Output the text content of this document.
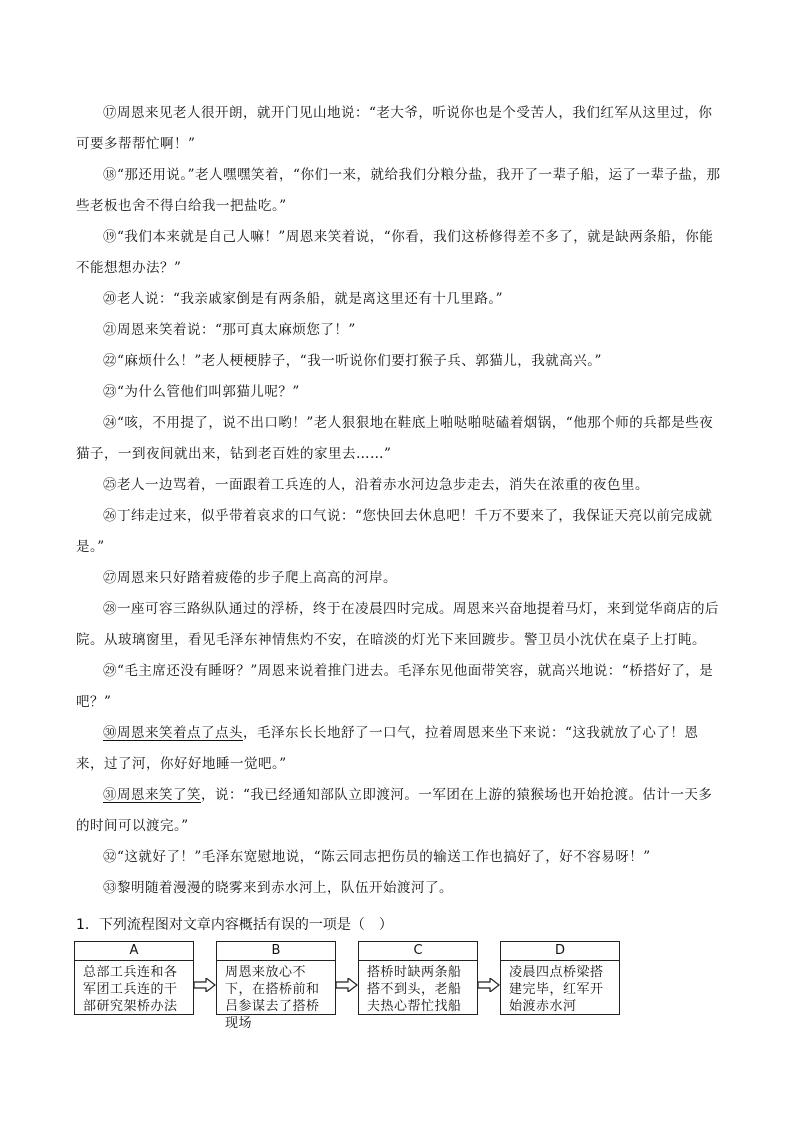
⑰周恩来见老人很开朗，就开门见山地说：“老大爷，听说你也是个受苦人，我们红军从这里过，你可要多帮帮忙啊！”

⑱“那还用说。”老人嘿嘿笑着，“你们一来，就给我们分粮分盐，我开了一辈子船，运了一辈子盐，那些老板也舍不得白给我一把盐吃。”

⑲“我们本来就是自己人嘛！”周恩来笑着说，“你看，我们这桥修得差不多了，就是缺两条船，你能不能想想办法？”

⑳老人说：“我亲戚家倒是有两条船，就是离这里还有十几里路。”

㉑周恩来笑着说：“那可真太麻烦您了！”

㉒“麻烦什么！”老人梗梗脖子，“我一听说你们要打猴子兵、郭猫儿，我就高兴。”

㉓“为什么管他们叫郭猫儿呢？”

㉔“咳，不用提了，说不出口哟！”老人狠狠地在鞋底上啪哒啪哒磕着烟锅，“他那个师的兵都是些夜猫子，一到夜间就出来，钻到老百姓的家里去……”

㉕老人一边骂着，一面跟着工兵连的人，沿着赤水河边急步走去，消失在浓重的夜色里。

㉖丁纬走过来，似乎带着哀求的口气说：“您快回去休息吧！千万不要来了，我保证天亮以前完成就是。”

㉗周恩来只好踏着疲倦的步子爬上高高的河岸。

㉘一座可容三路纵队通过的浮桥，终于在凌晨四时完成。周恩来兴奋地提着马灯，来到觉华商店的后院。从玻璃窗里，看见毛泽东神情焦灼不安，在暗淡的灯光下来回踱步。警卫员小沈伏在桌子上打盹。

㉙“毛主席还没有睡呀？”周恩来说着推门进去。毛泽东见他面带笑容，就高兴地说：“桥搭好了，是吧？”

㉚周恩来笑着点了点头，毛泽东长长地舒了一口气，拉着周恩来坐下来说：“这我就放了心了！恩来，过了河，你好好地睡一觉吧。”

㉛周恩来笑了笑，说：“我已经通知部队立即渡河。一军团在上游的猿猴场也开始抢渡。估计一天多的时间可以渡完。”

㉜“这就好了！”毛泽东宽慰地说，“陈云同志把伤员的输送工作也搞好了，好不容易呀！”

㉝黎明随着漫漫的晓雾来到赤水河上，队伍开始渡河了。

1．下列流程图对文章内容概括有误的一项是（　）
A
总部工兵连和各军团工兵连的干部研究架桥办法
B
周恩来放心不下，在搭桥前和吕参谋去了搭桥现场
C
搭桥时缺两条船搭不到头，老船夫热心帮忙找船
D
凌晨四点桥梁搭建完毕，红军开始渡赤水河
